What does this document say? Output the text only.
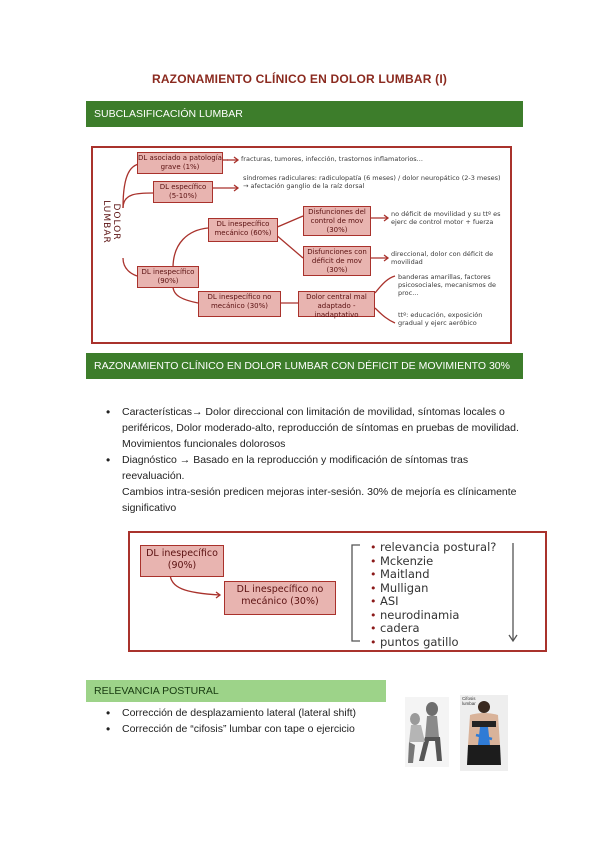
RAZONAMIENTO CLÍNICO EN DOLOR LUMBAR (I)
SUBCLASIFICACIÓN LUMBAR
DOLOR LUMBAR
DL asociado a patología grave (1%)
fracturas, tumores, infección, trastornos inflamatorios...
DL específico (5-10%)
síndromes radiculares: radiculopatía (6 meses) / dolor neuropático (2-3 meses) → afectación ganglio de la raíz dorsal
DL inespecífico (90%)
DL inespecífico mecánico (60%)
Disfunciones del control de mov (30%)
no déficit de movilidad y su ttº es ejerc de control motor + fuerza
Disfunciones con déficit de mov (30%)
direccional, dolor con déficit de movilidad
DL inespecífico no mecánico (30%)
Dolor central mal adaptado - inadaptativo
banderas amarillas, factores psicosociales, mecanismos de proc...
ttº: educación, exposición gradual y ejerc aeróbico
RAZONAMIENTO CLÍNICO EN DOLOR LUMBAR CON DÉFICIT DE MOVIMIENTO 30%
• Características→ Dolor direccional con limitación de movilidad, síntomas locales o periféricos, Dolor moderado-alto, reproducción de síntomas en pruebas de movilidad. Movimientos funcionales dolorosos
• Diagnóstico → Basado en la reproducción y modificación de síntomas tras reevaluación.
Cambios intra-sesión predicen mejoras inter-sesión. 30% de mejoría es clínicamente significativo
DL inespecífico (90%)
DL inespecífico no mecánico (30%)
• relevancia postural?
• Mckenzie
• Maitland
• Mulligan
• ASI
• neurodinamia
• cadera
• puntos gatillo
RELEVANCIA POSTURAL
• Corrección de desplazamiento lateral (lateral shift)
• Corrección de “cifosis” lumbar con tape o ejercicio
Cifosis lumbar
